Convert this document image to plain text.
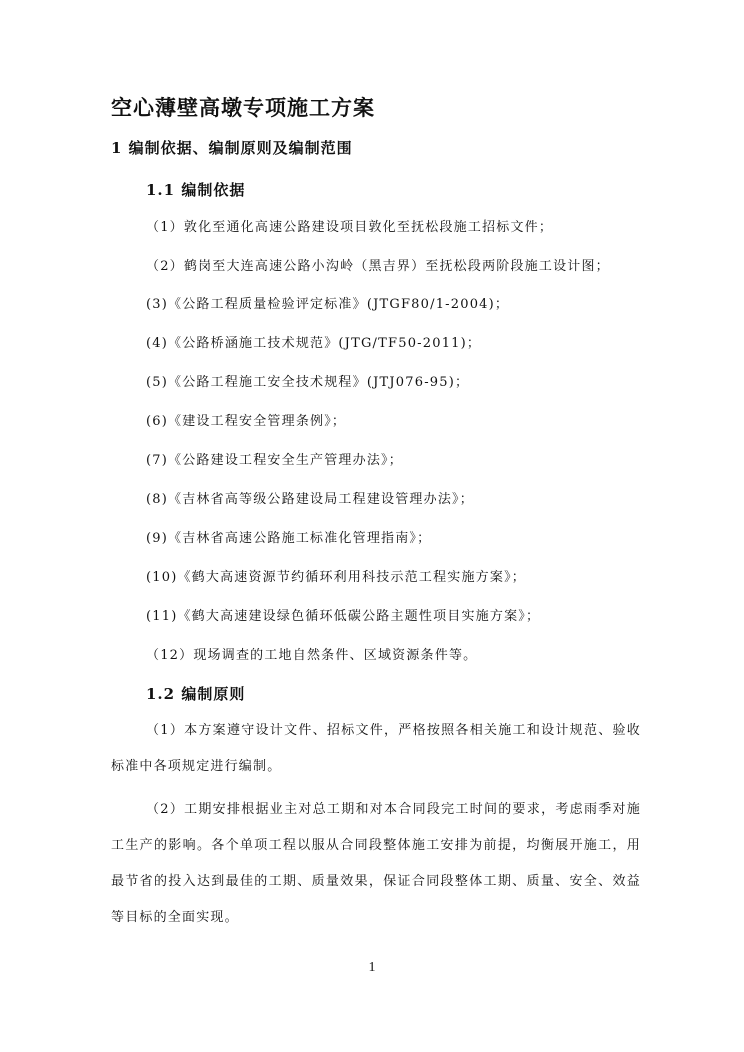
空心薄壁高墩专项施工方案
1 编制依据、编制原则及编制范围
1.1 编制依据
（1）敦化至通化高速公路建设项目敦化至抚松段施工招标文件；
（2）鹤岗至大连高速公路小沟岭（黑吉界）至抚松段两阶段施工设计图；
(3)《公路工程质量检验评定标准》(JTGF80/1-2004)；
(4)《公路桥涵施工技术规范》(JTG/TF50-2011)；
(5)《公路工程施工安全技术规程》(JTJ076-95)；
(6)《建设工程安全管理条例》；
(7)《公路建设工程安全生产管理办法》；
(8)《吉林省高等级公路建设局工程建设管理办法》；
(9)《吉林省高速公路施工标准化管理指南》；
(10)《鹤大高速资源节约循环利用科技示范工程实施方案》；
(11)《鹤大高速建设绿色循环低碳公路主题性项目实施方案》；
（12）现场调查的工地自然条件、区域资源条件等。
1.2 编制原则
（1）本方案遵守设计文件、招标文件，严格按照各相关施工和设计规范、验收标准中各项规定进行编制。
（2）工期安排根据业主对总工期和对本合同段完工时间的要求，考虑雨季对施工生产的影响。各个单项工程以服从合同段整体施工安排为前提，均衡展开施工，用最节省的投入达到最佳的工期、质量效果，保证合同段整体工期、质量、安全、效益等目标的全面实现。
1
